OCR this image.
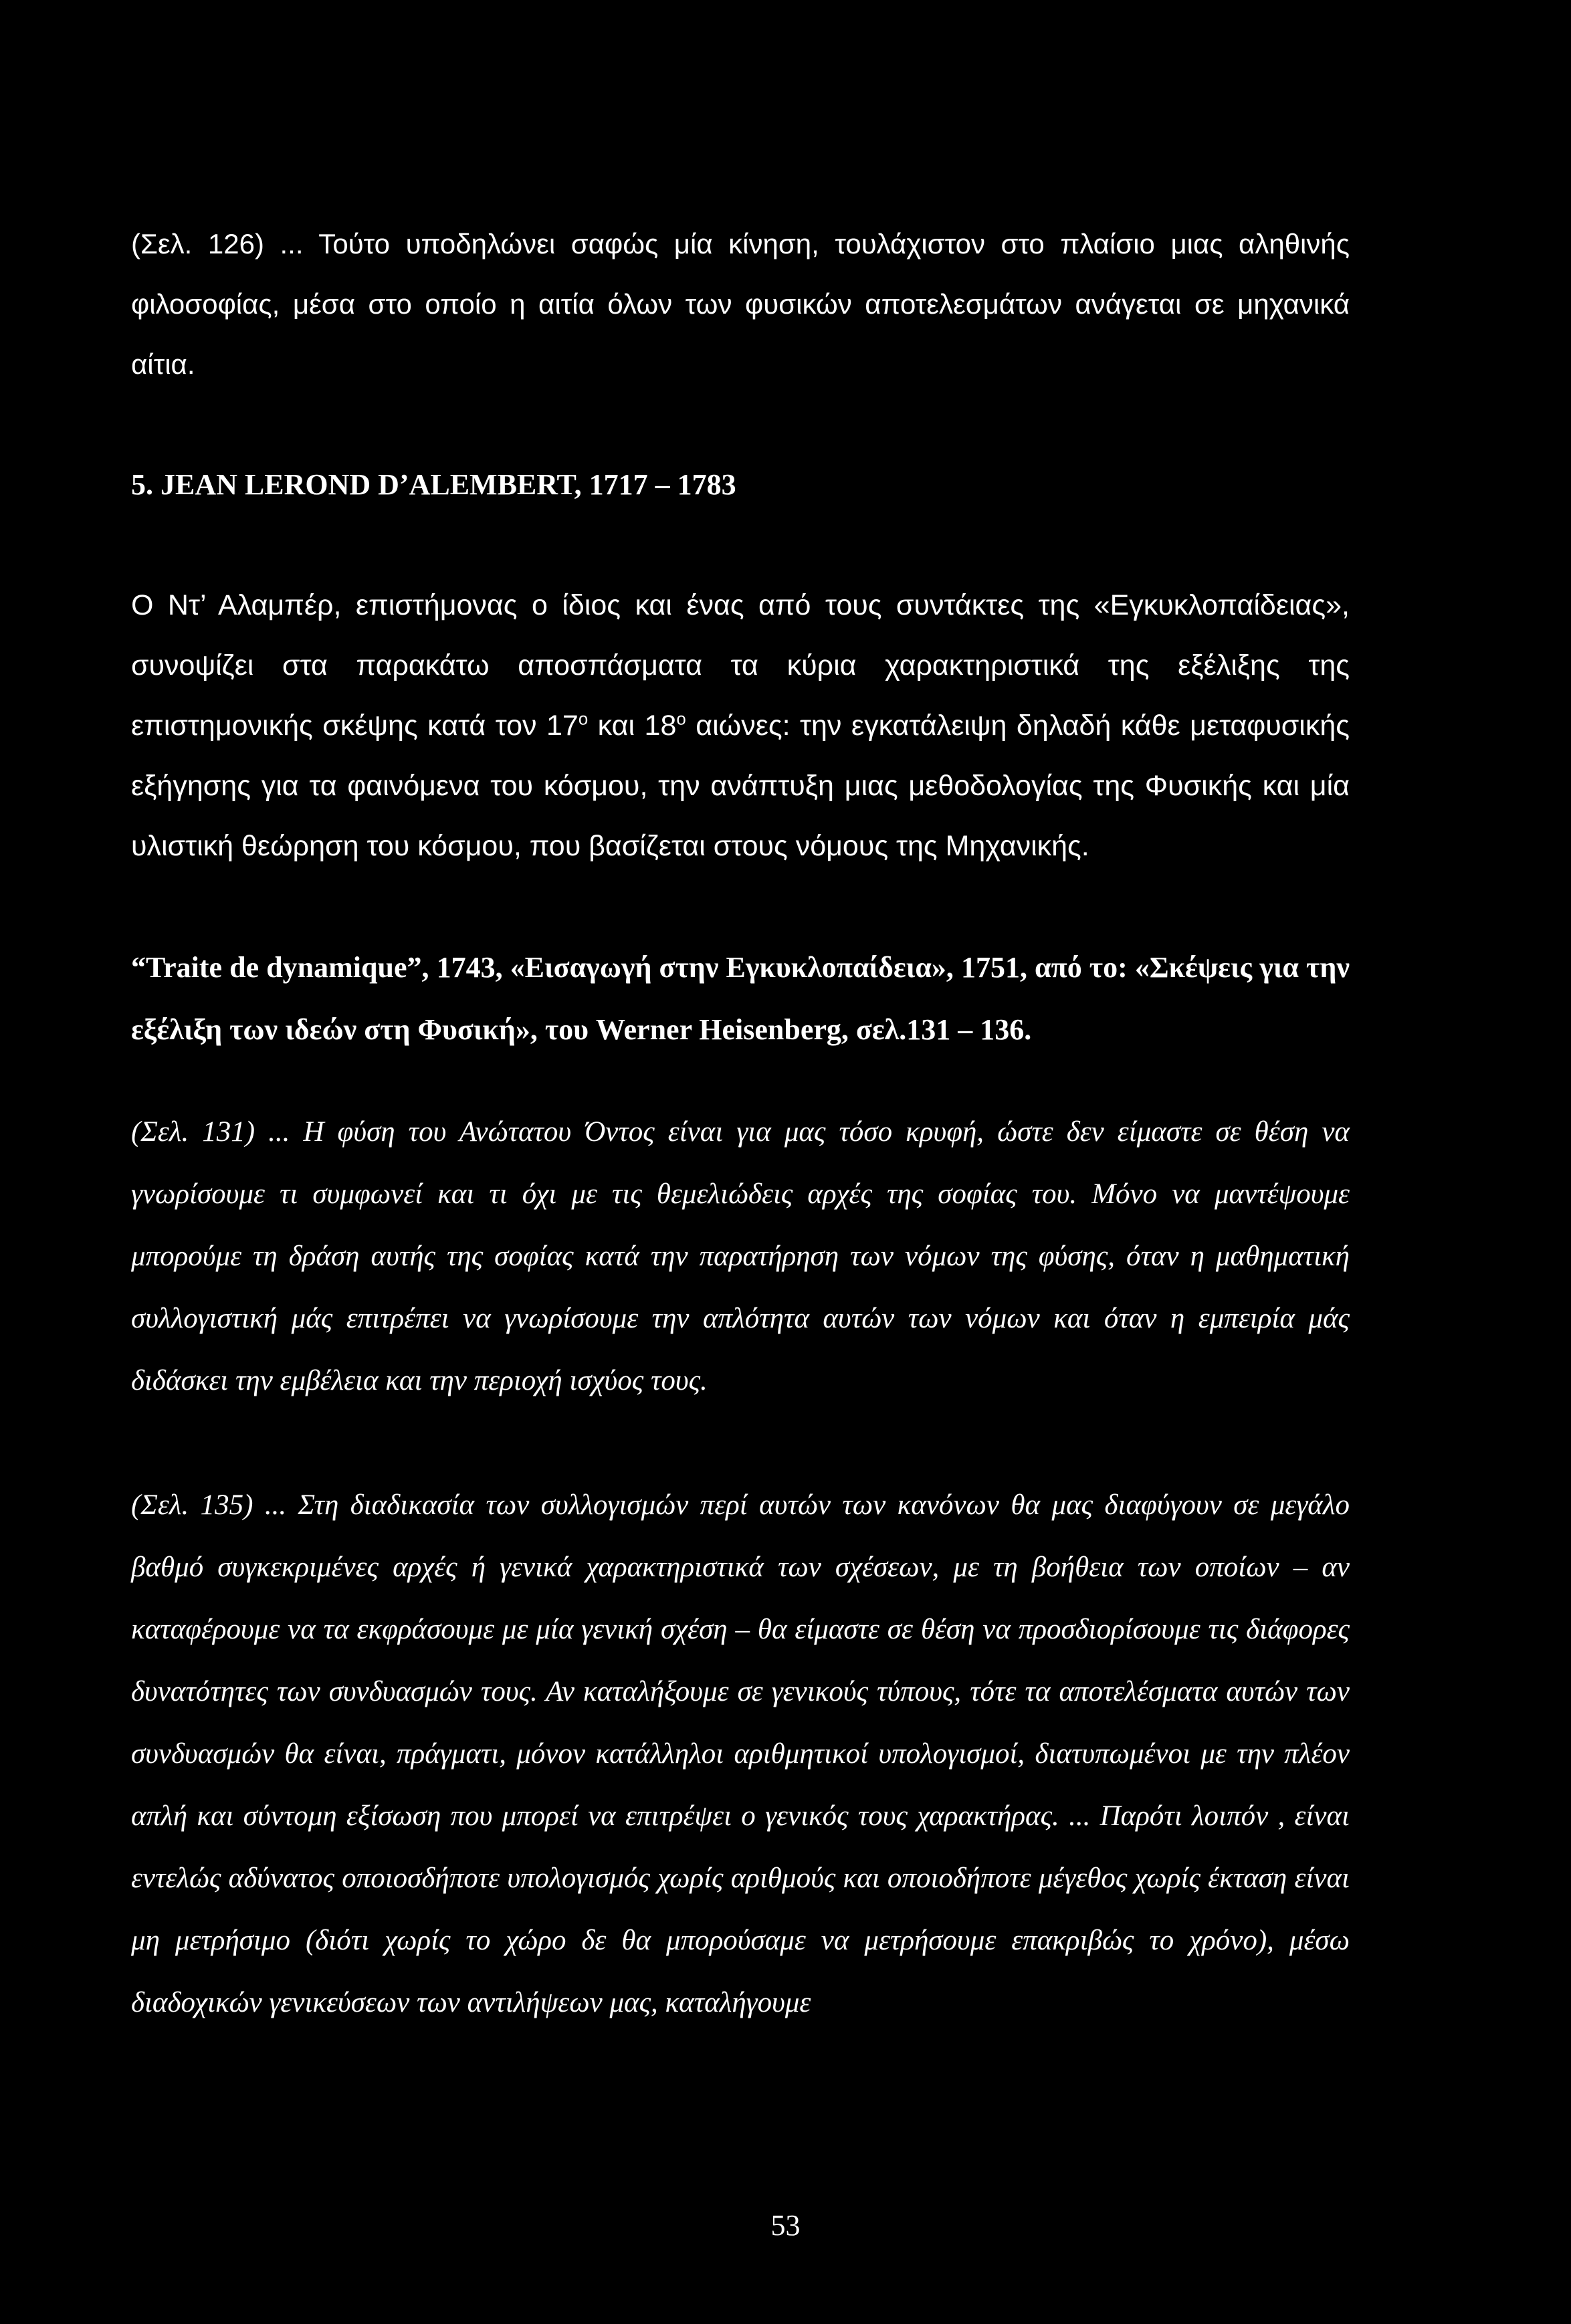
(Σελ. 126) ... Τούτο υποδηλώνει σαφώς μία κίνηση, τουλάχιστον στο πλαίσιο μιας αληθινής φιλοσοφίας, μέσα στο οποίο η αιτία όλων των φυσικών αποτελεσμάτων ανάγεται σε μηχανικά αίτια.

5. JEAN LEROND D’ALEMBERT, 1717 – 1783

Ο Ντ’ Αλαμπέρ, επιστήμονας ο ίδιος και ένας από τους συντάκτες της «Εγκυκλοπαίδειας», συνοψίζει στα παρακάτω αποσπάσματα τα κύρια χαρακτηριστικά της εξέλιξης της επιστημονικής σκέψης κατά τον $17^o$ και $18^o$ αιώνες: την εγκατάλειψη δηλαδή κάθε μεταφυσικής εξήγησης για τα φαινόμενα του κόσμου, την ανάπτυξη μιας μεθοδολογίας της Φυσικής και μία υλιστική θεώρηση του κόσμου, που βασίζεται στους νόμους της Μηχανικής.

“Traite de dynamique”, 1743, «Εισαγωγή στην Εγκυκλοπαίδεια», 1751, από το: «Σκέψεις για την εξέλιξη των ιδεών στη Φυσική», του Werner Heisenberg, σελ.131 – 136.

(Σελ. 131) ... Η φύση του Ανώτατου Όντος είναι για μας τόσο κρυφή, ώστε δεν είμαστε σε θέση να γνωρίσουμε τι συμφωνεί και τι όχι με τις θεμελιώδεις αρχές της σοφίας του. Μόνο να μαντέψουμε μπορούμε τη δράση αυτής της σοφίας κατά την παρατήρηση των νόμων της φύσης, όταν η μαθηματική συλλογιστική μάς επιτρέπει να γνωρίσουμε την απλότητα αυτών των νόμων και όταν η εμπειρία μάς διδάσκει την εμβέλεια και την περιοχή ισχύος τους.

(Σελ. 135) ... Στη διαδικασία των συλλογισμών περί αυτών των κανόνων θα μας διαφύγουν σε μεγάλο βαθμό συγκεκριμένες αρχές ή γενικά χαρακτηριστικά των σχέσεων, με τη βοήθεια των οποίων – αν καταφέρουμε να τα εκφράσουμε με μία γενική σχέση – θα είμαστε σε θέση να προσδιορίσουμε τις διάφορες δυνατότητες των συνδυασμών τους. Αν καταλήξουμε σε γενικούς τύπους, τότε τα αποτελέσματα αυτών των συνδυασμών θα είναι, πράγματι, μόνον κατάλληλοι αριθμητικοί υπολογισμοί, διατυπωμένοι με την πλέον απλή και σύντομη εξίσωση που μπορεί να επιτρέψει ο γενικός τους χαρακτήρας. ... Παρότι λοιπόν , είναι εντελώς αδύνατος οποιοσδήποτε υπολογισμός χωρίς αριθμούς και οποιοδήποτε μέγεθος χωρίς έκταση είναι μη μετρήσιμο (διότι χωρίς το χώρο δε θα μπορούσαμε να μετρήσουμε επακριβώς το χρόνο), μέσω διαδοχικών γενικεύσεων των αντιλήψεων μας, καταλήγουμε

53
